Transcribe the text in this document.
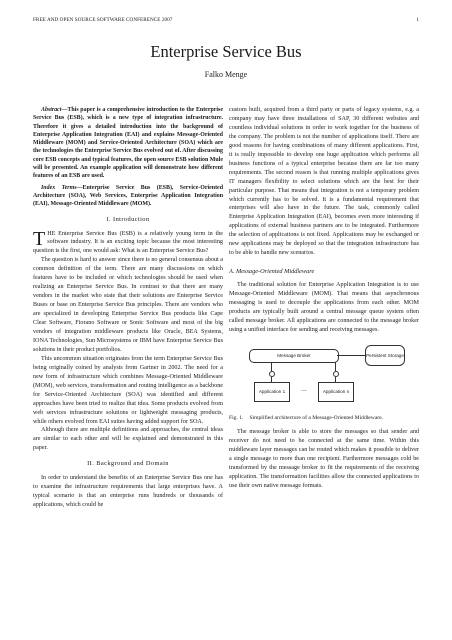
FREE AND OPEN SOURCE SOFTWARE CONFERENCE 2007	1
Enterprise Service Bus
Falko Menge

Abstract—This paper is a comprehensive introduction to the Enterprise Service Bus (ESB), which is a new type of integration infrastructure. Therefore it gives a detailed introduction into the background of Enterprise Application Integration (EAI) and explains Message-Oriented Middleware (MOM) and Service-Oriented Architecture (SOA) which are the technologies the Enterprise Service Bus evolved out of. After discussing core ESB concepts and typical features, the open source ESB solution Mule will be presented. An example application will demonstrate how different features of an ESB are used.

Index Terms—Enterprise Service Bus (ESB), Service-Oriented Architecture (SOA), Web Services, Enterprise Application Integration (EAI), Message-Oriented Middleware (MOM).

I. Introduction

THE Enterprise Service Bus (ESB) is a relatively young term in the software industry. It is an exciting topic because the most interesting question is the first, one would ask: What is an Enterprise Service Bus?

The question is hard to answer since there is no general consensus about a common definition of the term. There are many discussions on which features have to be included or which technologies should be used when realizing an Enterprise Service Bus. In contrast to that there are many vendors in the market who state that their solutions are Enterprise Service Buses or base on Enterprise Service Bus principles. There are vendors who are specialized in developing Enterprise Service Bus products like Cape Clear Software, Fiorano Software or Sonic Software and most of the big vendors of integration middleware products like Oracle, BEA Systems, IONA Technologies, Sun Microsystems or IBM have Enterprise Service Bus solutions in their product portfolios.

This uncommon situation originates from the term Enterprise Service Bus being originally coined by analysts from Gartner in 2002. The need for a new form of infrastructure which combines Message-Oriented Middleware (MOM), web services, transformation and routing intelligence as a backbone for Service-Oriented Architecture (SOA) was identified and different approaches have been tried to realize that idea. Some products evolved from web services infrastructure solutions or lightweight messaging products, while others evolved from EAI suites having added support for SOA.

Although there are multiple definitions and approaches, the central ideas are similar to each other and will be explained and demonstrated in this paper.

II. Background and Domain

In order to understand the benefits of an Enterprise Service Bus one has to examine the infrastructure requirements that large enterprises have. A typical scenario is that an enterprise runs hundreds or thousands of applications, which could be

custom built, acquired from a third party or parts of legacy systems, e.g. a company may have three installations of SAP, 30 different websites and countless individual solutions in order to work together for the business of the company. The problem is not the number of applications itself. There are good reasons for having combinations of many different applications. First, it is really impossible to develop one huge application which performs all business functions of a typical enterprise because there are far too many requirements. The second reason is that running multiple applications gives IT managers flexibility to select solutions which are the best for their particular purpose. That means that integration is not a temporary problem which currently has to be solved. It is a fundamental requirement that enterprises will also have in the future. The task, commonly called Enterprise Application Integration (EAI), becomes even more interesting if applications of external business partners are to be integrated. Furthermore the selection of applications is not fixed. Applications may be exchanged or new applications may be deployed so that the integration infrastructure has to be able to handle new scenarios.

A. Message-Oriented Middleware

The traditional solution for Enterprise Application Integration is to use Message-Oriented Middleware (MOM). That means that asynchronous messaging is used to decouple the applications from each other. MOM products are typically built around a central message queue system often called message broker. All applications are connected to the message broker using a unified interface for sending and receiving messages.

Message Broker	Persistent Storage
Application 1	...	Application n
Fig. 1. Simplified architecture of a Message-Oriented Middleware.

The message broker is able to store the messages so that sender and receiver do not need to be connected at the same time. Within this middleware layer messages can be routed which makes it possible to deliver a single message to more than one recipient. Furthermore messages cold be transformed by the message broker to fit the requirements of the receiving application. The transformation facilities allow the connected applications to use their own native message formats.
